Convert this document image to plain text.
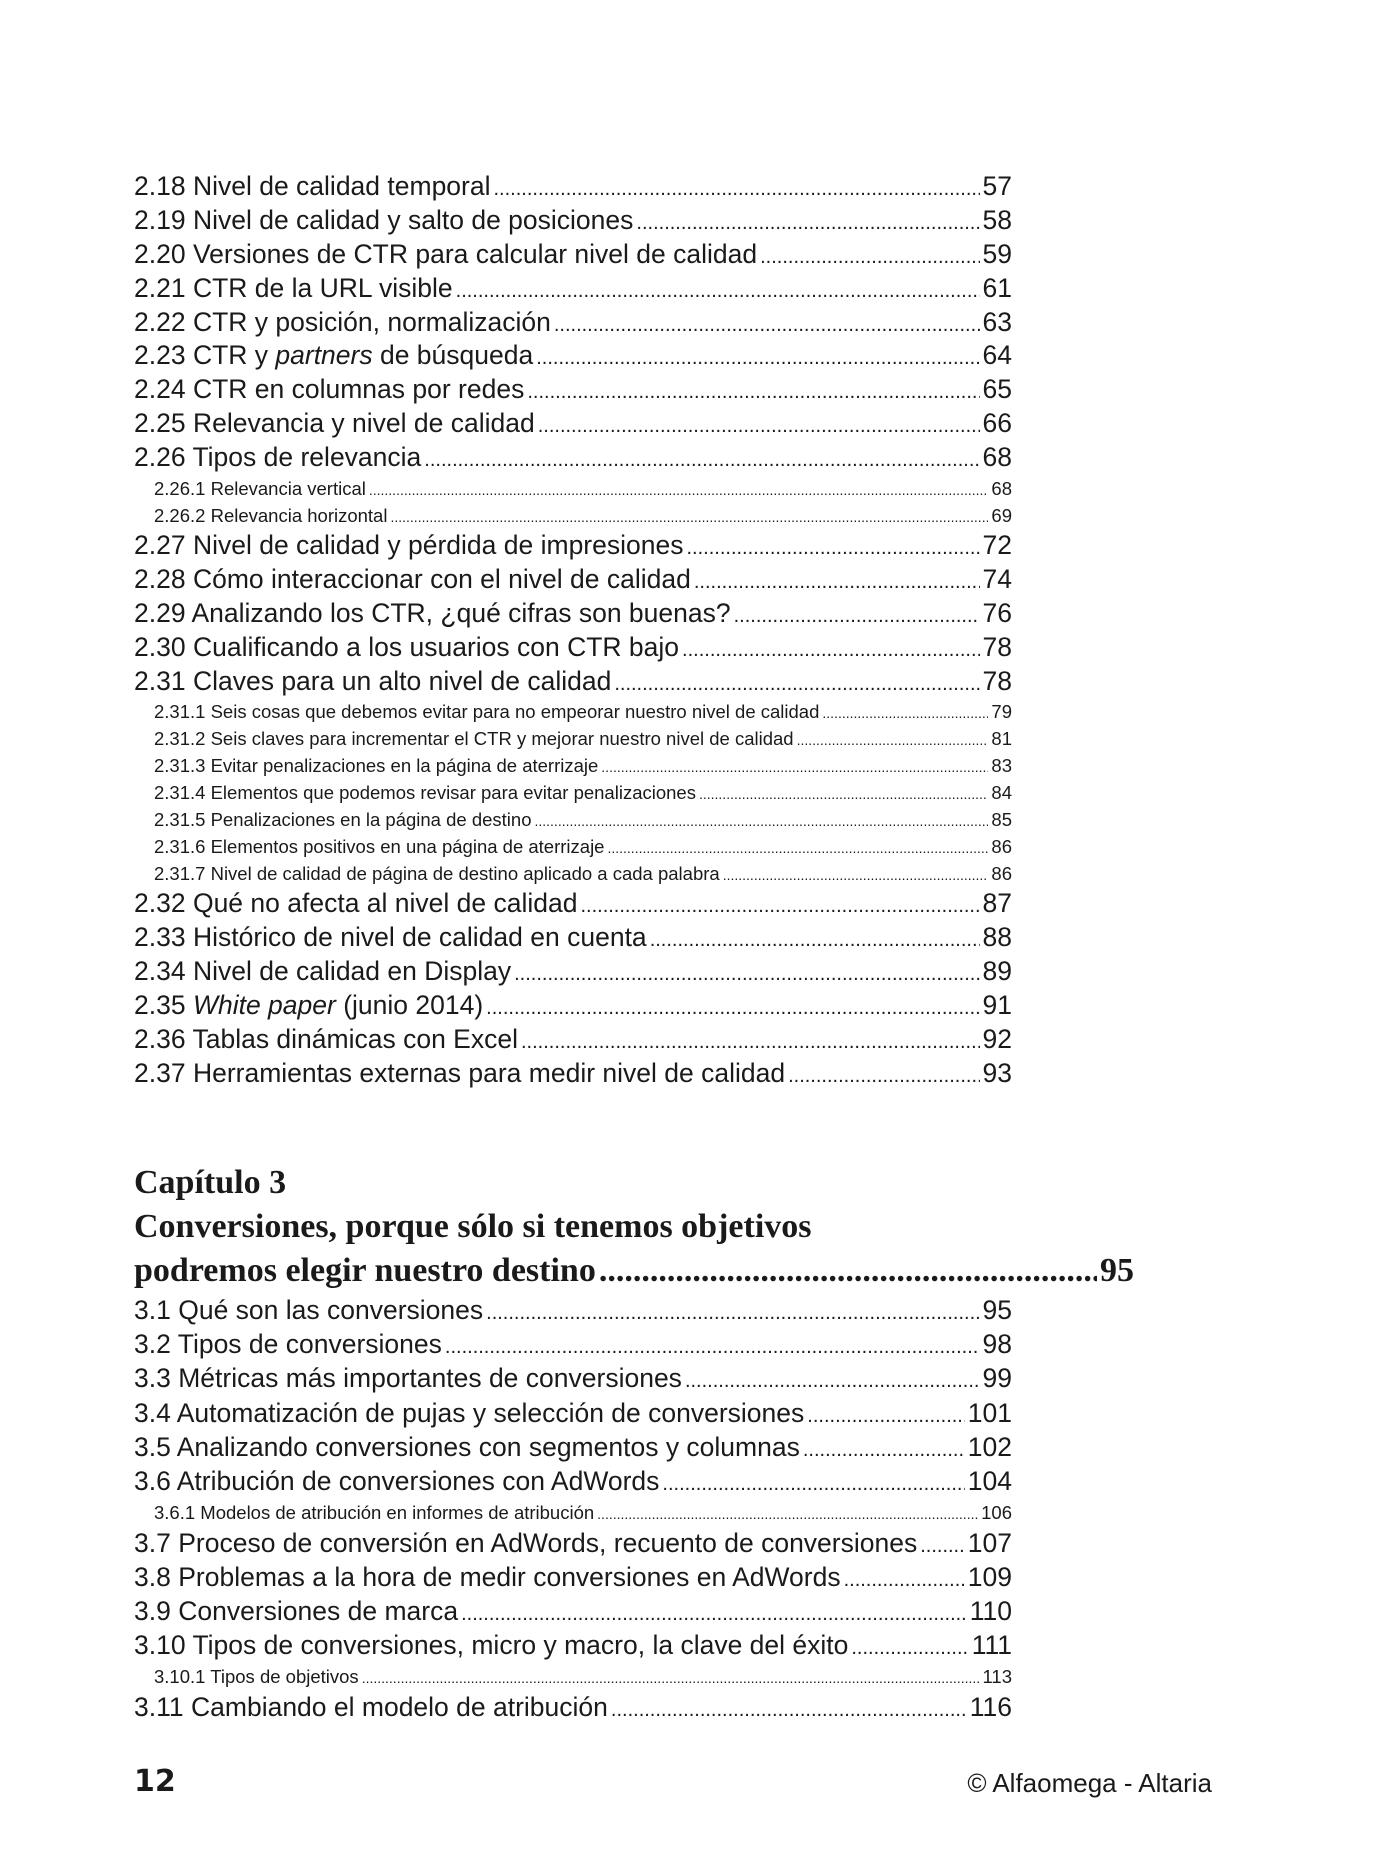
2.18 Nivel de calidad temporal .....	57
2.19 Nivel de calidad y salto de posiciones .....	58
2.20 Versiones de CTR para calcular nivel de calidad .....	59
2.21 CTR de la URL visible .....	61
2.22 CTR y posición, normalización .....	63
2.23 CTR y partners de búsqueda .....	64
2.24 CTR en columnas por redes .....	65
2.25 Relevancia y nivel de calidad .....	66
2.26 Tipos de relevancia .....	68
2.26.1 Relevancia vertical .....	68
2.26.2 Relevancia horizontal .....	69
2.27 Nivel de calidad y pérdida de impresiones .....	72
2.28 Cómo interaccionar con el nivel de calidad .....	74
2.29 Analizando los CTR, ¿qué cifras son buenas? .....	76
2.30 Cualificando a los usuarios con CTR bajo .....	78
2.31 Claves para un alto nivel de calidad .....	78
2.31.1 Seis cosas que debemos evitar para no empeorar nuestro nivel de calidad .....	79
2.31.2 Seis claves para incrementar el CTR y mejorar nuestro nivel de calidad .....	81
2.31.3 Evitar penalizaciones en la página de aterrizaje .....	83
2.31.4 Elementos que podemos revisar para evitar penalizaciones .....	84
2.31.5 Penalizaciones en la página de destino .....	85
2.31.6 Elementos positivos en una página de aterrizaje .....	86
2.31.7 Nivel de calidad de página de destino aplicado a cada palabra .....	86
2.32 Qué no afecta al nivel de calidad .....	87
2.33 Histórico de nivel de calidad en cuenta .....	88
2.34 Nivel de calidad en Display .....	89
2.35 White paper (junio 2014) .....	91
2.36 Tablas dinámicas con Excel .....	92
2.37 Herramientas externas para medir nivel de calidad .....	93
Capítulo 3
Conversiones, porque sólo si tenemos objetivos
podremos elegir nuestro destino .....	95
3.1 Qué son las conversiones .....	95
3.2 Tipos de conversiones .....	98
3.3 Métricas más importantes de conversiones .....	99
3.4 Automatización de pujas y selección de conversiones .....	101
3.5 Analizando conversiones con segmentos y columnas .....	102
3.6 Atribución de conversiones con AdWords .....	104
3.6.1 Modelos de atribución en informes de atribución .....	106
3.7 Proceso de conversión en AdWords, recuento de conversiones ..... 107
3.8 Problemas a la hora de medir conversiones en AdWords .....	109
3.9 Conversiones de marca .....	110
3.10 Tipos de conversiones, micro y macro, la clave del éxito .....	111
3.10.1 Tipos de objetivos .....	113
3.11 Cambiando el modelo de atribución .....	116
12	© Alfaomega - Altaria
